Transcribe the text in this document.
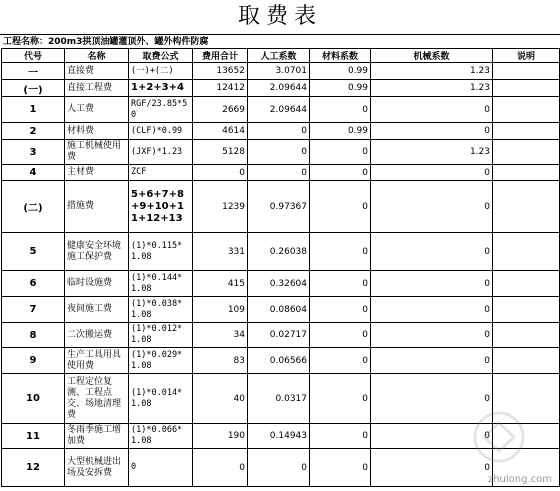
取费表
工程名称：200m3拱顶油罐灌顶外、罐外构件防腐
代号	名称	取费公式	费用合计	人工系数	材料系数	机械系数	说明
一	直接费	(一)+(二)	13652	3.0701	0.99	1.23	
(一)	直接工程费	1+2+3+4	12412	2.09644	0.99	1.23	
1	人工费	RGF/23.85*50	2669	2.09644	0	0	
2	材料费	(CLF)*0.99	4614	0	0.99	0	
3	施工机械使用费	(JXF)*1.23	5128	0	0	1.23	
4	主材费	ZCF	0	0	0	0	
(二)	措施费	5+6+7+8+9+10+11+12+13	1239	0.97367	0	0	
5	健康安全环境施工保护费	(1)*0.115*1.08	331	0.26038	0	0	
6	临时设施费	(1)*0.144*1.08	415	0.32604	0	0	
7	夜间施工费	(1)*0.038*1.08	109	0.08604	0	0	
8	二次搬运费	(1)*0.012*1.08	34	0.02717	0	0	
9	生产工具用具使用费	(1)*0.029*1.08	83	0.06566	0	0	
10	工程定位复测、工程点交、场地清理费	(1)*0.014*1.08	40	0.0317	0	0	
11	冬雨季施工增加费	(1)*0.066*1.08	190	0.14943	0	0	
12	大型机械进出场及安拆费	0	0	0	0	0	
zhulong.com
